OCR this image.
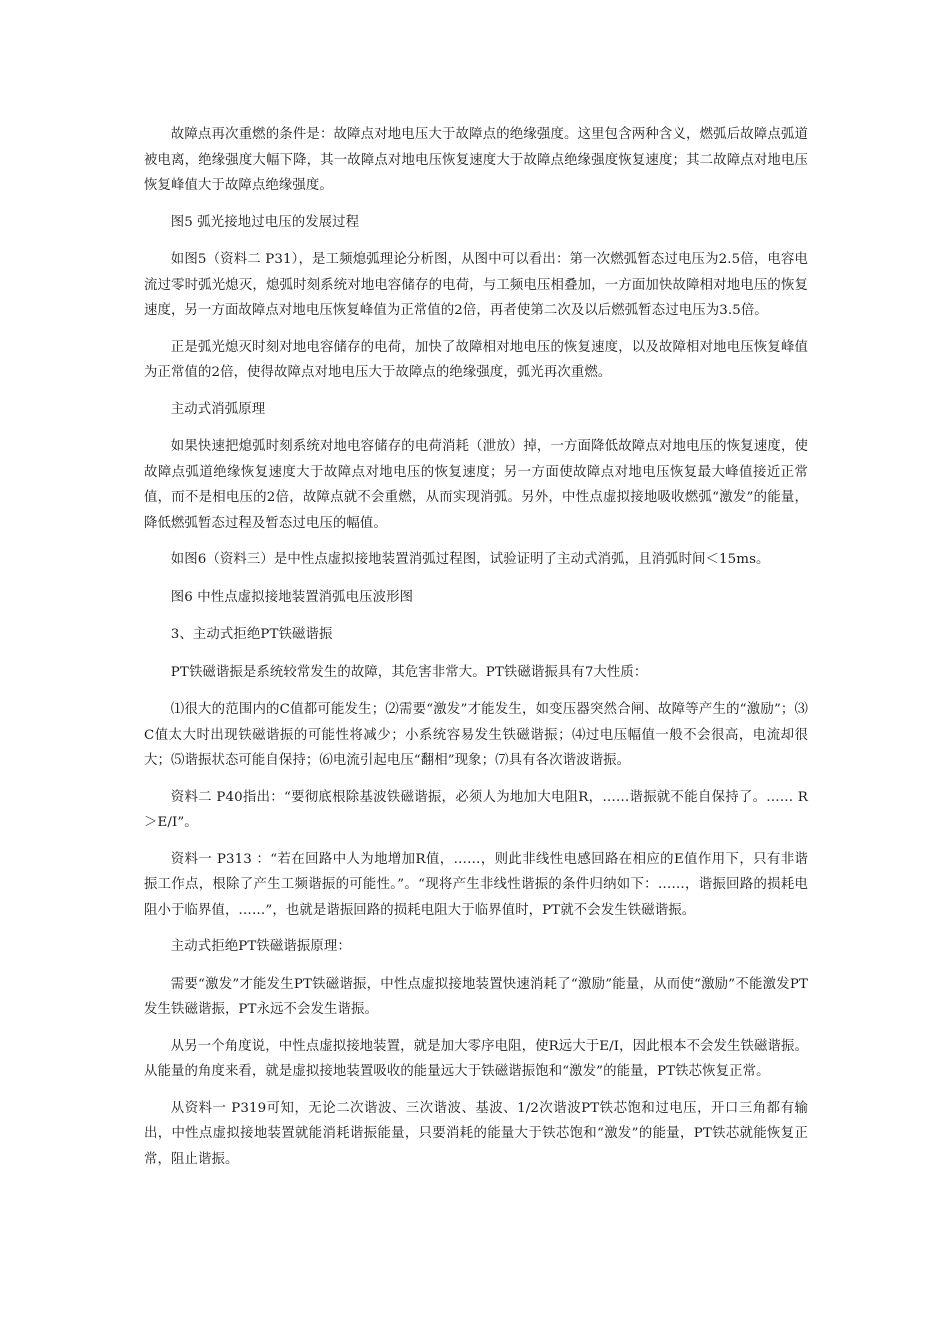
故障点再次重燃的条件是：故障点对地电压大于故障点的绝缘强度。这里包含两种含义，燃弧后故障点弧道被电离，绝缘强度大幅下降，其一故障点对地电压恢复速度大于故障点绝缘强度恢复速度；其二故障点对地电压恢复峰值大于故障点绝缘强度。

图5 弧光接地过电压的发展过程

如图5（资料二 P31），是工频熄弧理论分析图，从图中可以看出：第一次燃弧暂态过电压为2.5倍，电容电流过零时弧光熄灭，熄弧时刻系统对地电容储存的电荷，与工频电压相叠加，一方面加快故障相对地电压的恢复速度，另一方面故障点对地电压恢复峰值为正常值的2倍，再者使第二次及以后燃弧暂态过电压为3.5倍。

正是弧光熄灭时刻对地电容储存的电荷，加快了故障相对地电压的恢复速度，以及故障相对地电压恢复峰值为正常值的2倍，使得故障点对地电压大于故障点的绝缘强度，弧光再次重燃。

主动式消弧原理

如果快速把熄弧时刻系统对地电容储存的电荷消耗（泄放）掉，一方面降低故障点对地电压的恢复速度，使故障点弧道绝缘恢复速度大于故障点对地电压的恢复速度；另一方面使故障点对地电压恢复最大峰值接近正常值，而不是相电压的2倍，故障点就不会重燃，从而实现消弧。另外，中性点虚拟接地吸收燃弧“激发”的能量，降低燃弧暂态过程及暂态过电压的幅值。

如图6（资料三）是中性点虚拟接地装置消弧过程图，试验证明了主动式消弧，且消弧时间＜15ms。

图6 中性点虚拟接地装置消弧电压波形图

3、主动式拒绝PT铁磁谐振

PT铁磁谐振是系统较常发生的故障，其危害非常大。PT铁磁谐振具有7大性质：

⑴很大的范围内的C值都可能发生；⑵需要“激发”才能发生，如变压器突然合闸、故障等产生的“激励”；⑶C值太大时出现铁磁谐振的可能性将减少；小系统容易发生铁磁谐振；⑷过电压幅值一般不会很高，电流却很大；⑸谐振状态可能自保持；⑹电流引起电压“翻相”现象；⑺具有各次谐波谐振。

资料二 P40指出：“要彻底根除基波铁磁谐振，必须人为地加大电阻R，……谐振就不能自保持了。…… R＞E/I”。

资料一 P313 ：“若在回路中人为地增加R值，……，则此非线性电感回路在相应的E值作用下，只有非谐振工作点，根除了产生工频谐振的可能性。”。“现将产生非线性谐振的条件归纳如下：……，谐振回路的损耗电阻小于临界值，……”，也就是谐振回路的损耗电阻大于临界值时，PT就不会发生铁磁谐振。

主动式拒绝PT铁磁谐振原理：

需要“激发”才能发生PT铁磁谐振，中性点虚拟接地装置快速消耗了“激励”能量，从而使“激励”不能激发PT发生铁磁谐振，PT永远不会发生谐振。

从另一个角度说，中性点虚拟接地装置，就是加大零序电阻，使R远大于E/I，因此根本不会发生铁磁谐振。从能量的角度来看，就是虚拟接地装置吸收的能量远大于铁磁谐振饱和“激发”的能量，PT铁芯恢复正常。

从资料一 P319可知，无论二次谐波、三次谐波、基波、1/2次谐波PT铁芯饱和过电压，开口三角都有输出，中性点虚拟接地装置就能消耗谐振能量，只要消耗的能量大于铁芯饱和“激发”的能量，PT铁芯就能恢复正常，阻止谐振。
